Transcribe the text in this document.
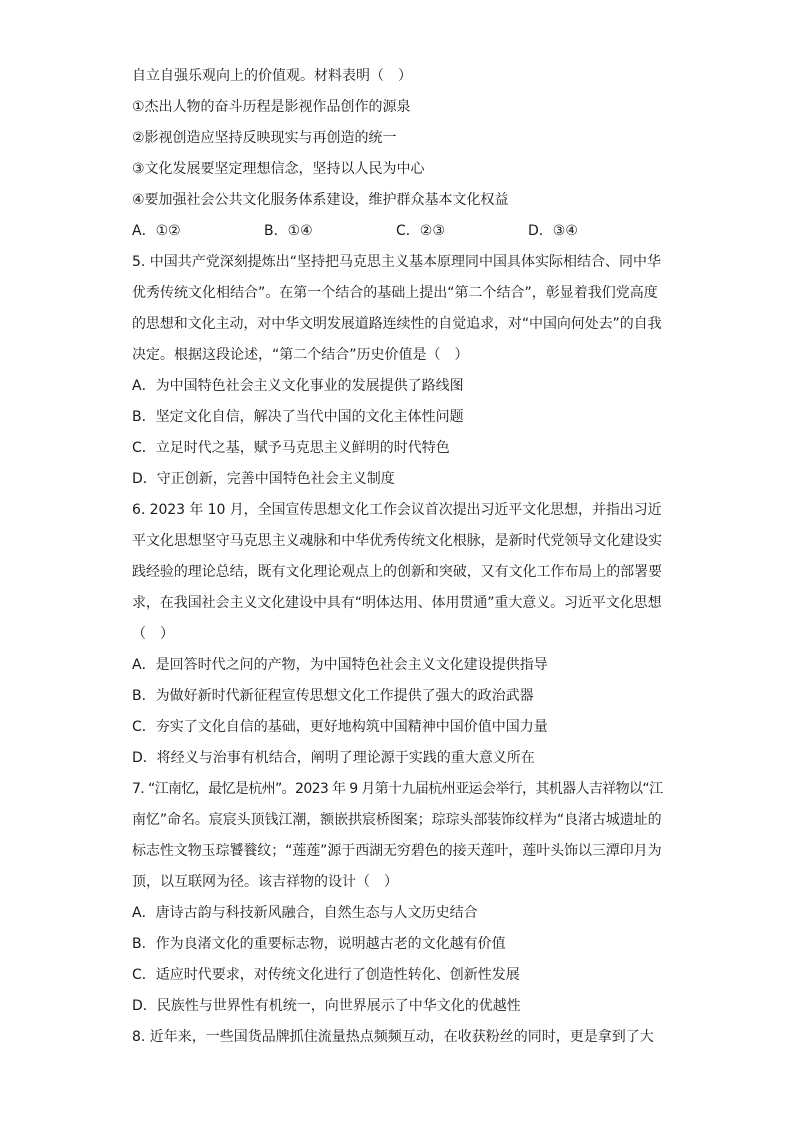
自立自强乐观向上的价值观。材料表明（　）
①杰出人物的奋斗历程是影视作品创作的源泉
②影视创造应坚持反映现实与再创造的统一
③文化发展要坚定理想信念，坚持以人民为中心
④要加强社会公共文化服务体系建设，维护群众基本文化权益
A．①②	B．①④	C．②③	D．③④
5. 中国共产党深刻提炼出“坚持把马克思主义基本原理同中国具体实际相结合、同中华
优秀传统文化相结合”。在第一个结合的基础上提出“第二个结合”，彰显着我们党高度
的思想和文化主动，对中华文明发展道路连续性的自觉追求，对“中国向何处去”的自我
决定。根据这段论述，“第二个结合”历史价值是（　）
A．为中国特色社会主义文化事业的发展提供了路线图
B．坚定文化自信，解决了当代中国的文化主体性问题
C．立足时代之基，赋予马克思主义鲜明的时代特色
D．守正创新，完善中国特色社会主义制度
6. 2023 年 10 月，全国宣传思想文化工作会议首次提出习近平文化思想，并指出习近
平文化思想坚守马克思主义魂脉和中华优秀传统文化根脉，是新时代党领导文化建设实
践经验的理论总结，既有文化理论观点上的创新和突破，又有文化工作布局上的部署要
求，在我国社会主义文化建设中具有“明体达用、体用贯通”重大意义。习近平文化思想
（　）
A．是回答时代之问的产物，为中国特色社会主义文化建设提供指导
B．为做好新时代新征程宣传思想文化工作提供了强大的政治武器
C．夯实了文化自信的基础，更好地构筑中国精神中国价值中国力量
D．将经义与治事有机结合，阐明了理论源于实践的重大意义所在
7. “江南忆，最忆是杭州”。2023 年 9 月第十九届杭州亚运会举行，其机器人吉祥物以“江
南忆”命名。宸宸头顶钱江潮，额嵌拱宸桥图案；琮琮头部装饰纹样为“良渚古城遗址的
标志性文物玉琮饕餮纹；“莲莲”源于西湖无穷碧色的接天莲叶，莲叶头饰以三潭印月为
顶，以互联网为径。该吉祥物的设计（　）
A．唐诗古韵与科技新风融合，自然生态与人文历史结合
B．作为良渚文化的重要标志物，说明越古老的文化越有价值
C．适应时代要求，对传统文化进行了创造性转化、创新性发展
D．民族性与世界性有机统一，向世界展示了中华文化的优越性
8. 近年来，一些国货品牌抓住流量热点频频互动，在收获粉丝的同时，更是拿到了大
